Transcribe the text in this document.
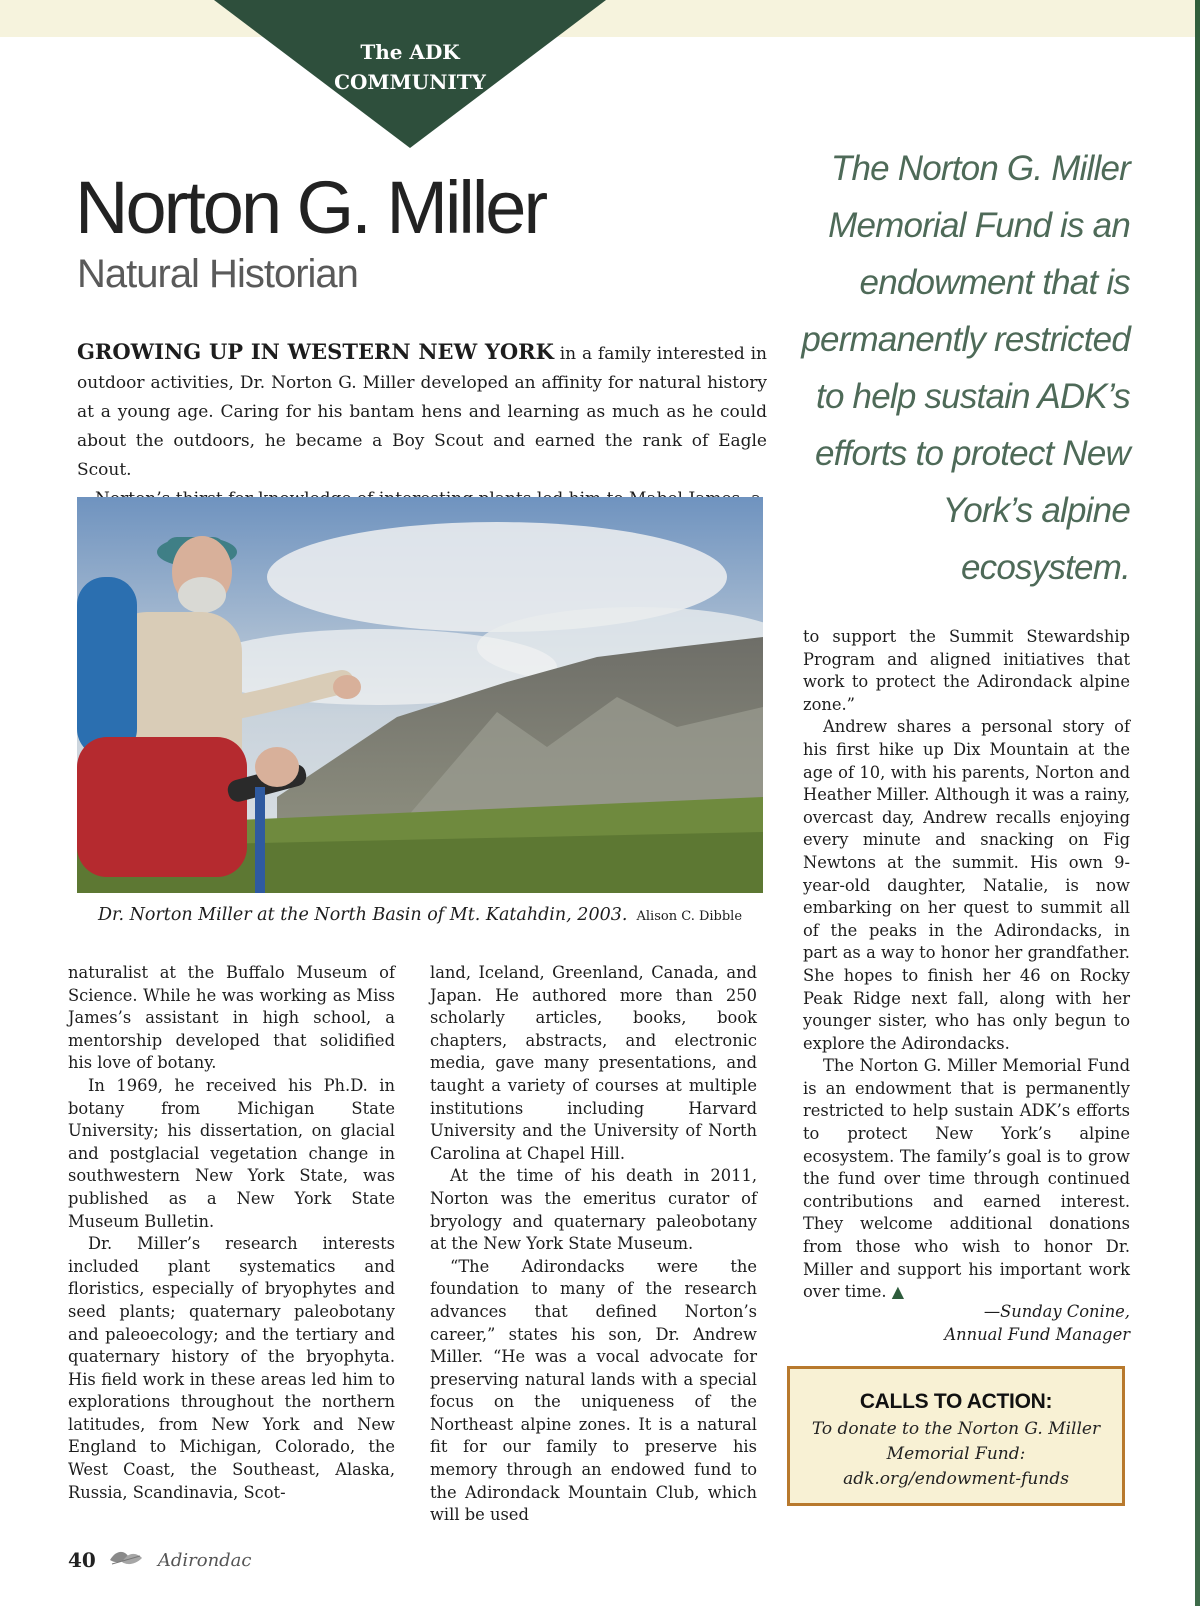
The ADK
COMMUNITY
Norton G. Miller
Natural Historian
The Norton G. Miller Memorial Fund is an endowment that is permanently restricted to help sustain ADK’s efforts to protect New York’s alpine ecosystem.

GROWING UP IN WESTERN NEW YORK in a family interested in outdoor activities, Dr. Norton G. Miller developed an affinity for natural history at a young age. Caring for his bantam hens and learning as much as he could about the outdoors, he became a Boy Scout and earned the rank of Eagle Scout.

Dr. Norton Miller at the North Basin of Mt. Katahdin, 2003. Alison C. Dibble

naturalist at the Buffalo Museum of Science. While he was working as Miss James’s assistant in high school, a mentorship developed that solidified his love of botany.

In 1969, he received his Ph.D. in botany from Michigan State University; his dissertation, on glacial and postglacial vegetation change in southwestern New York State, was published as a New York State Museum Bulletin.

Dr. Miller’s research interests included plant systematics and floristics, especially of bryophytes and seed plants; quaternary paleobotany and paleoecology; and the tertiary and quaternary history of the bryophyta. His field work in these areas led him to explorations throughout the northern latitudes, from New York and New England to Michigan, Colorado, the West Coast, the Southeast, Alaska, Russia, Scandinavia, Scot-

land, Iceland, Greenland, Canada, and Japan. He authored more than 250 scholarly articles, books, book chapters, abstracts, and electronic media, gave many presentations, and taught a variety of courses at multiple institutions including Harvard University and the University of North Carolina at Chapel Hill.

At the time of his death in 2011, Norton was the emeritus curator of bryology and quaternary paleobotany at the New York State Museum.

“The Adirondacks were the foundation to many of the research advances that defined Norton’s career,” states his son, Dr. Andrew Miller. “He was a vocal advocate for preserving natural lands with a special focus on the uniqueness of the Northeast alpine zones. It is a natural fit for our family to preserve his memory through an endowed fund to the Adirondack Mountain Club, which will be used

to support the Summit Stewardship Program and aligned initiatives that work to protect the Adirondack alpine zone.”

Andrew shares a personal story of his first hike up Dix Mountain at the age of 10, with his parents, Norton and Heather Miller. Although it was a rainy, overcast day, Andrew recalls enjoying every minute and snacking on Fig Newtons at the summit. His own 9-year-old daughter, Natalie, is now embarking on her quest to summit all of the peaks in the Adirondacks, in part as a way to honor her grandfather. She hopes to finish her 46 on Rocky Peak Ridge next fall, along with her younger sister, who has only begun to explore the Adirondacks.

The Norton G. Miller Memorial Fund is an endowment that is permanently restricted to help sustain ADK’s efforts to protect New York’s alpine ecosystem. The family’s goal is to grow the fund over time through continued contributions and earned interest. They welcome additional donations from those who wish to honor Dr. Miller and support his important work over time. ▲

—Sunday Conine,
Annual Fund Manager
CALLS TO ACTION:
To donate to the Norton G. Miller
Memorial Fund:
adk.org/endowment-funds
40	Adirondac
